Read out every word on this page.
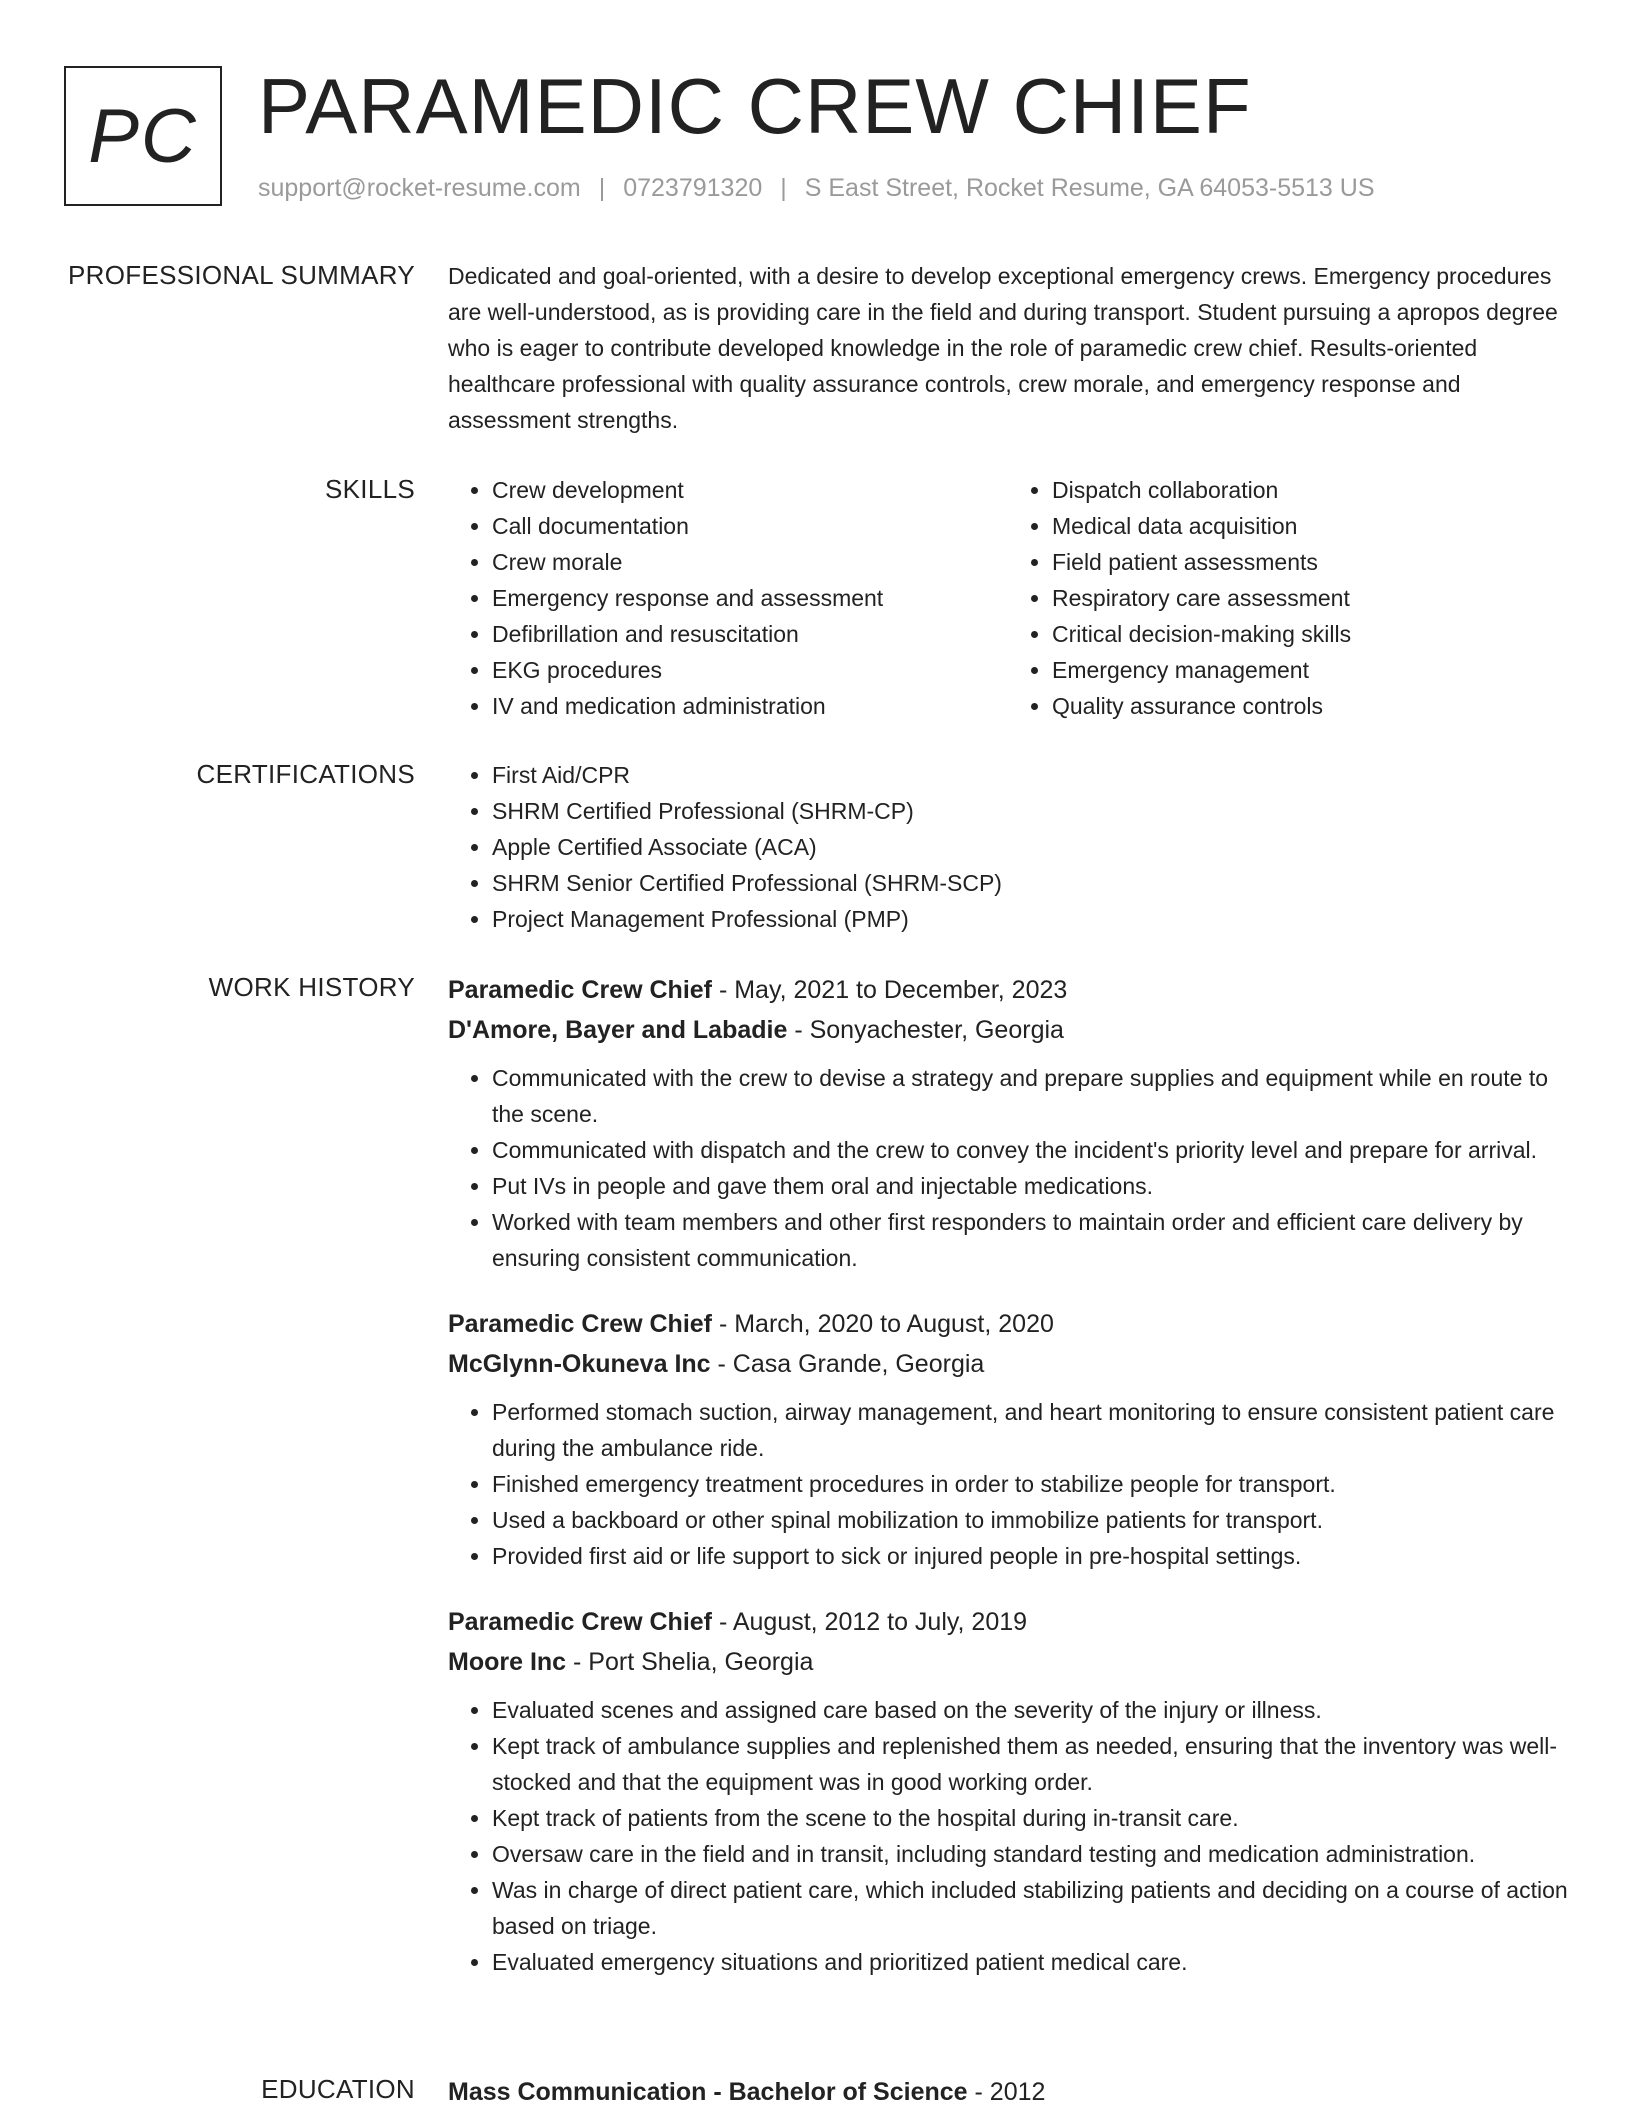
PC PARAMEDIC CREW CHIEF
support@rocket-resume.com | 0723791320 | S East Street, Rocket Resume, GA 64053-5513 US
PROFESSIONAL SUMMARY Dedicated and goal-oriented, with a desire to develop exceptional emergency crews. Emergency procedures are well-understood, as is providing care in the field and during transport. Student pursuing a apropos degree who is eager to contribute developed knowledge in the role of paramedic crew chief. Results-oriented healthcare professional with quality assurance controls, crew morale, and emergency response and assessment strengths.

SKILLS	• Crew development
• Call documentation
• Crew morale
• Emergency response and assessment
• Defibrillation and resuscitation
• EKG procedures
• IV and medication administration
• Dispatch collaboration
• Medical data acquisition
• Field patient assessments
• Respiratory care assessment
• Critical decision-making skills
• Emergency management
• Quality assurance controls
CERTIFICATIONS	• First Aid/CPR
• SHRM Certified Professional (SHRM-CP)
• Apple Certified Associate (ACA)
• SHRM Senior Certified Professional (SHRM-SCP)
• Project Management Professional (PMP)
WORK HISTORY Paramedic Crew Chief - May, 2021 to December, 2023
D'Amore, Bayer and Labadie - Sonyachester, Georgia
• Communicated with the crew to devise a strategy and prepare supplies and equipment while en route to the scene.
• Communicated with dispatch and the crew to convey the incident's priority level and prepare for arrival.
• Put IVs in people and gave them oral and injectable medications.
• Worked with team members and other first responders to maintain order and efficient care delivery by ensuring consistent communication.
Paramedic Crew Chief - March, 2020 to August, 2020
McGlynn-Okuneva Inc - Casa Grande, Georgia
• Performed stomach suction, airway management, and heart monitoring to ensure consistent patient care during the ambulance ride.
• Finished emergency treatment procedures in order to stabilize people for transport.
• Used a backboard or other spinal mobilization to immobilize patients for transport.
• Provided first aid or life support to sick or injured people in pre-hospital settings.
Paramedic Crew Chief - August, 2012 to July, 2019
Moore Inc - Port Shelia, Georgia
• Evaluated scenes and assigned care based on the severity of the injury or illness.
• Kept track of ambulance supplies and replenished them as needed, ensuring that the inventory was well-stocked and that the equipment was in good working order.
• Kept track of patients from the scene to the hospital during in-transit care.
• Oversaw care in the field and in transit, including standard testing and medication administration.
• Was in charge of direct patient care, which included stabilizing patients and deciding on a course of action based on triage.
• Evaluated emergency situations and prioritized patient medical care.
EDUCATION Mass Communication - Bachelor of Science - 2012
